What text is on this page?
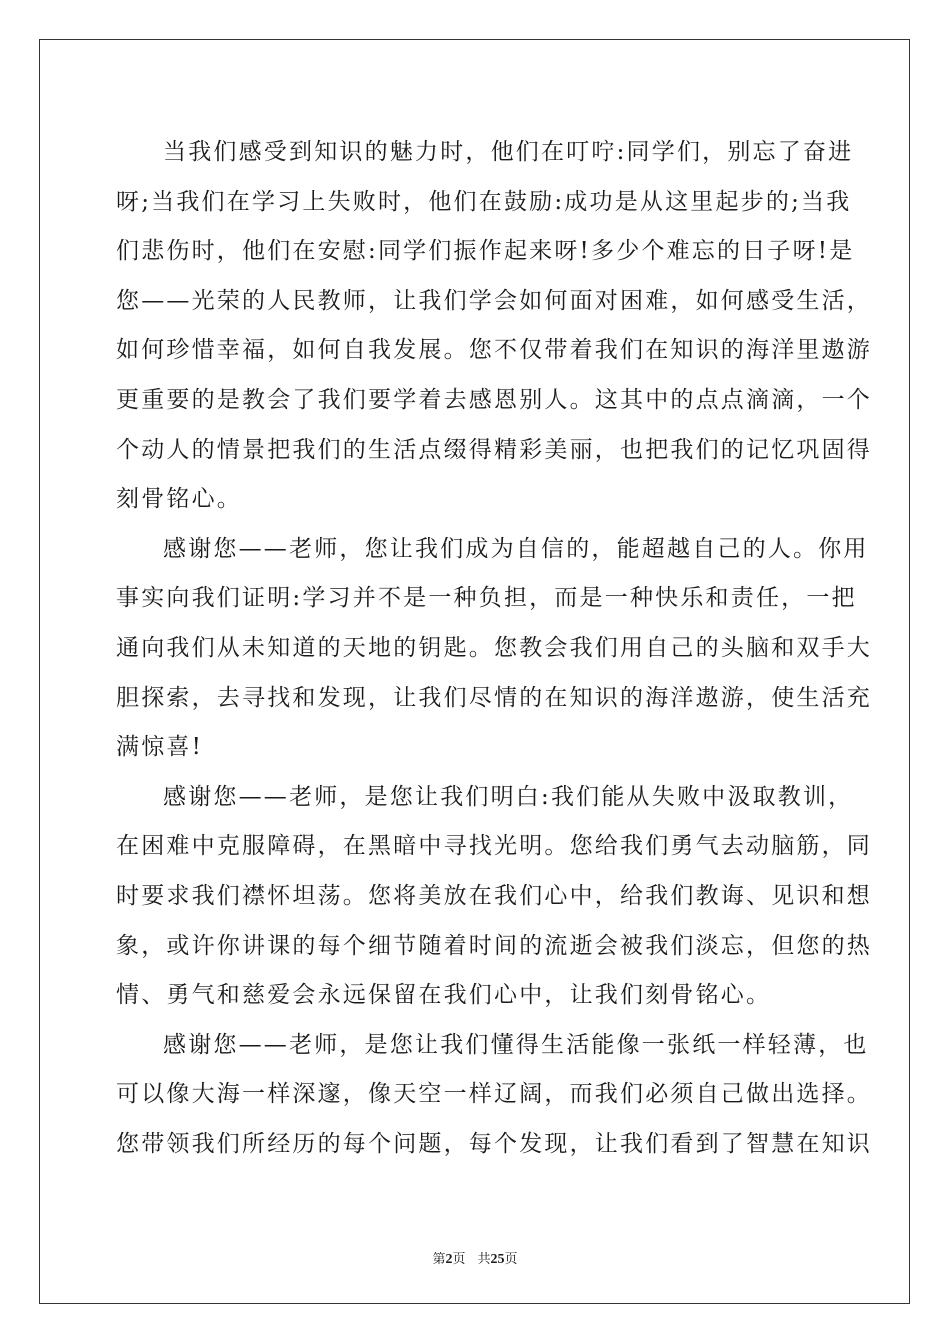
当我们感受到知识的魅力时，他们在叮咛:同学们，别忘了奋进
呀;当我们在学习上失败时，他们在鼓励:成功是从这里起步的;当我
们悲伤时，他们在安慰:同学们振作起来呀!多少个难忘的日子呀!是
您——光荣的人民教师，让我们学会如何面对困难，如何感受生活，
如何珍惜幸福，如何自我发展。您不仅带着我们在知识的海洋里遨游
更重要的是教会了我们要学着去感恩别人。这其中的点点滴滴，一个
个动人的情景把我们的生活点缀得精彩美丽，也把我们的记忆巩固得
刻骨铭心。
感谢您——老师，您让我们成为自信的，能超越自己的人。你用
事实向我们证明:学习并不是一种负担，而是一种快乐和责任，一把
通向我们从未知道的天地的钥匙。您教会我们用自己的头脑和双手大
胆探索，去寻找和发现，让我们尽情的在知识的海洋遨游，使生活充
满惊喜!
感谢您——老师，是您让我们明白:我们能从失败中汲取教训，
在困难中克服障碍，在黑暗中寻找光明。您给我们勇气去动脑筋，同
时要求我们襟怀坦荡。您将美放在我们心中，给我们教诲、见识和想
象，或许你讲课的每个细节随着时间的流逝会被我们淡忘，但您的热
情、勇气和慈爱会永远保留在我们心中，让我们刻骨铭心。
感谢您——老师，是您让我们懂得生活能像一张纸一样轻薄，也
可以像大海一样深邃，像天空一样辽阔，而我们必须自己做出选择。
您带领我们所经历的每个问题，每个发现，让我们看到了智慧在知识
第2页 共25页
